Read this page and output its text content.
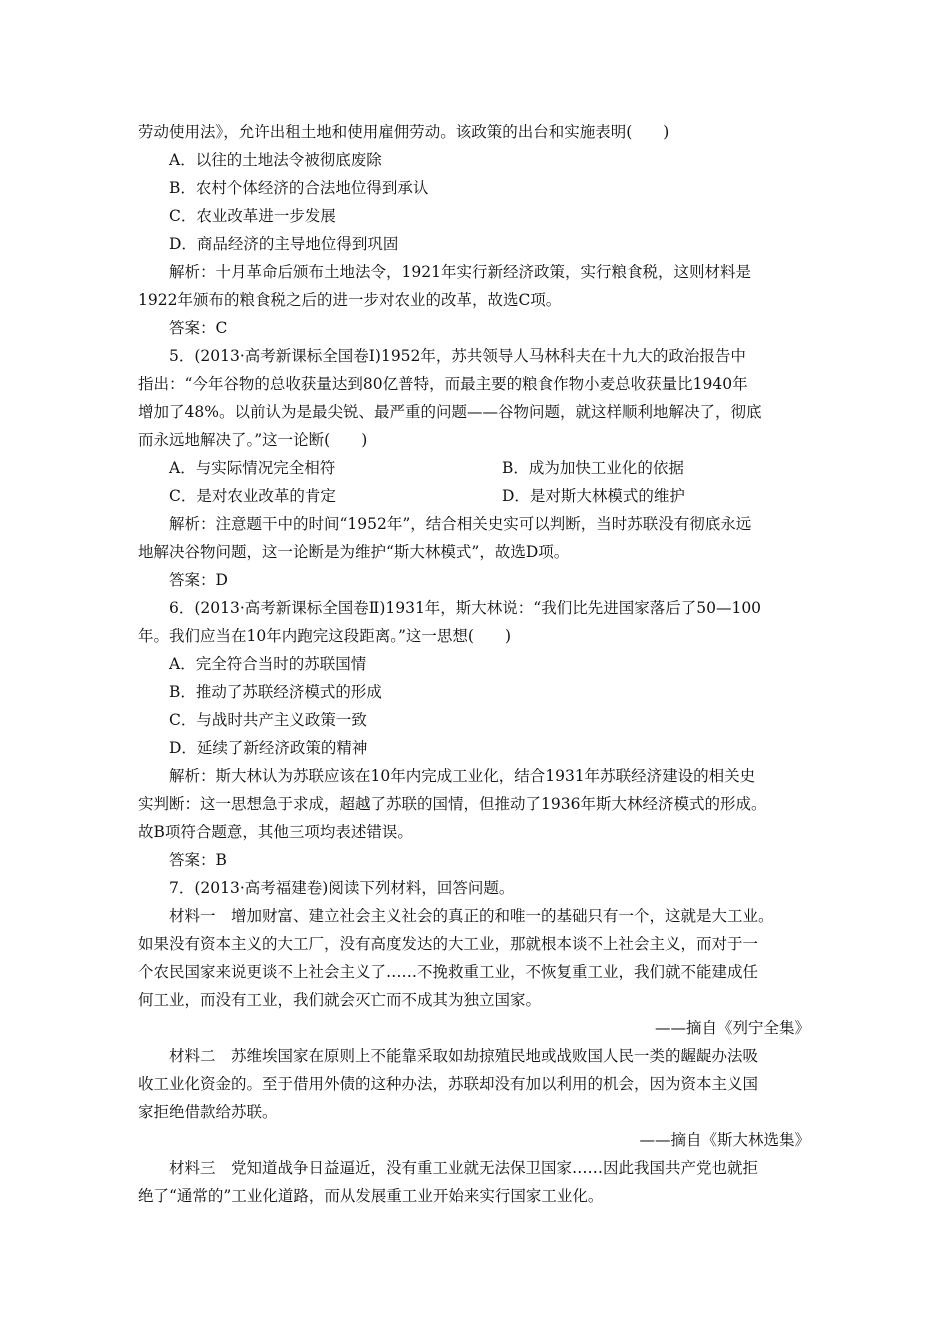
劳动使用法》，允许出租土地和使用雇佣劳动。该政策的出台和实施表明(　　)
A．以往的土地法令被彻底废除
B．农村个体经济的合法地位得到承认
C．农业改革进一步发展
D．商品经济的主导地位得到巩固
解析：十月革命后颁布土地法令，1921年实行新经济政策，实行粮食税，这则材料是
1922年颁布的粮食税之后的进一步对农业的改革，故选C项。
答案：C
5．(2013·高考新课标全国卷Ⅰ)1952年，苏共领导人马林科夫在十九大的政治报告中
指出：“今年谷物的总收获量达到80亿普特，而最主要的粮食作物小麦总收获量比1940年
增加了48%。以前认为是最尖锐、最严重的问题——谷物问题，就这样顺利地解决了，彻底
而永远地解决了。”这一论断(　　)
A．与实际情况完全相符	B．成为加快工业化的依据
C．是对农业改革的肯定	D．是对斯大林模式的维护
解析：注意题干中的时间“1952年”，结合相关史实可以判断，当时苏联没有彻底永远
地解决谷物问题，这一论断是为维护“斯大林模式”，故选D项。
答案：D
6．(2013·高考新课标全国卷Ⅱ)1931年，斯大林说：“我们比先进国家落后了50—100
年。我们应当在10年内跑完这段距离。”这一思想(　　)
A．完全符合当时的苏联国情
B．推动了苏联经济模式的形成
C．与战时共产主义政策一致
D．延续了新经济政策的精神
解析：斯大林认为苏联应该在10年内完成工业化，结合1931年苏联经济建设的相关史
实判断：这一思想急于求成，超越了苏联的国情，但推动了1936年斯大林经济模式的形成。
故B项符合题意，其他三项均表述错误。
答案：B
7．(2013·高考福建卷)阅读下列材料，回答问题。
材料一　增加财富、建立社会主义社会的真正的和唯一的基础只有一个，这就是大工业。
如果没有资本主义的大工厂，没有高度发达的大工业，那就根本谈不上社会主义，而对于一
个农民国家来说更谈不上社会主义了……不挽救重工业，不恢复重工业，我们就不能建成任
何工业，而没有工业，我们就会灭亡而不成其为独立国家。
——摘自《列宁全集》
材料二　苏维埃国家在原则上不能靠采取如劫掠殖民地或战败国人民一类的龌龊办法吸
收工业化资金的。至于借用外债的这种办法，苏联却没有加以利用的机会，因为资本主义国
家拒绝借款给苏联。
——摘自《斯大林选集》
材料三　党知道战争日益逼近，没有重工业就无法保卫国家……因此我国共产党也就拒
绝了“通常的”工业化道路，而从发展重工业开始来实行国家工业化。
